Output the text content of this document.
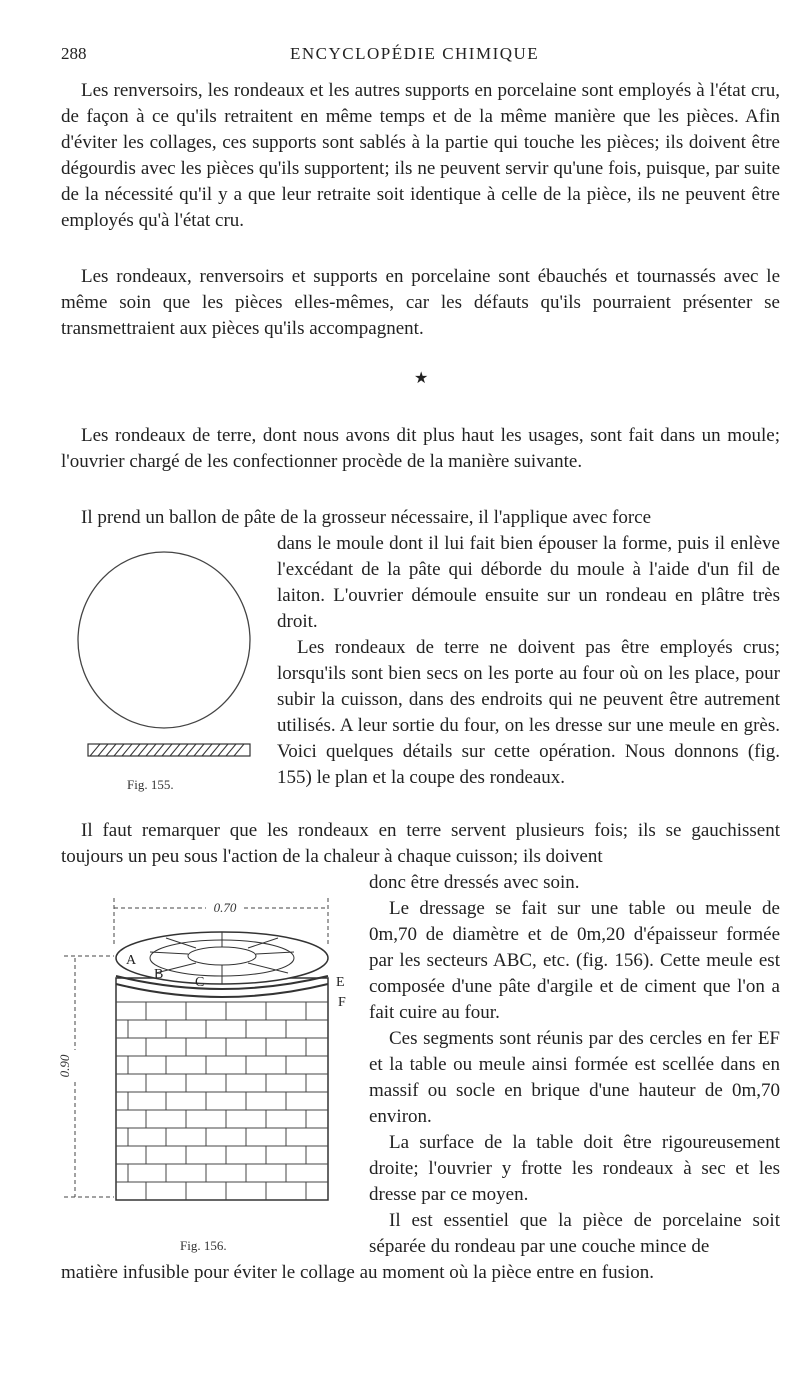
288	ENCYCLOPÉDIE CHIMIQUE

Les renversoirs, les rondeaux et les autres supports en porcelaine sont employés à l'état cru, de façon à ce qu'ils retraitent en même temps et de la même manière que les pièces. Afin d'éviter les collages, ces supports sont sablés à la partie qui touche les pièces; ils doivent être dégourdis avec les pièces qu'ils supportent; ils ne peuvent servir qu'une fois, puisque, par suite de la nécessité qu'il y a que leur retraite soit identique à celle de la pièce, ils ne peuvent être employés qu'à l'état cru.

Les rondeaux, renversoirs et supports en porcelaine sont ébauchés et tournassés avec le même soin que les pièces elles-mêmes, car les défauts qu'ils pourraient présenter se transmettraient aux pièces qu'ils accompagnent.

★

Les rondeaux de terre, dont nous avons dit plus haut les usages, sont fait dans un moule; l'ouvrier chargé de les confectionner procède de la manière suivante.

Il prend un ballon de pâte de la grosseur nécessaire, il l'applique avec force

dans le moule dont il lui fait bien épouser la forme, puis il enlève l'excédant de la pâte qui déborde du moule à l'aide d'un fil de laiton. L'ouvrier démoule ensuite sur un rondeau en plâtre très droit.

Les rondeaux de terre ne doivent pas être employés crus; lorsqu'ils sont bien secs on les porte au four où on les place, pour subir la cuisson, dans des endroits qui ne peuvent être autrement utilisés. A leur sortie du four, on les dresse sur une meule en grès. Voici quelques détails sur cette opération. Nous donnons (fig. 155) le plan et la coupe des rondeaux.

Fig. 155.

Il faut remarquer que les rondeaux en terre servent plusieurs fois; ils se gauchissent toujours un peu sous l'action de la chaleur à chaque cuisson; ils doivent

donc être dressés avec soin.

Le dressage se fait sur une table ou meule de 0m,70 de diamètre et de 0m,20 d'épaisseur formée par les secteurs ABC, etc. (fig. 156). Cette meule est composée d'une pâte d'argile et de ciment que l'on a fait cuire au four.

Ces segments sont réunis par des cercles en fer EF et la table ou meule ainsi formée est scellée dans en massif ou socle en brique d'une hauteur de 0m,70 environ.

La surface de la table doit être rigoureusement droite; l'ouvrier y frotte les rondeaux à sec et les dresse par ce moyen.

Il est essentiel que la pièce de porcelaine soit séparée du rondeau par une couche mince de

matière infusible pour éviter le collage au moment où la pièce entre en fusion.

0.70
0.90
A
B
C	E
F
Fig. 156.
